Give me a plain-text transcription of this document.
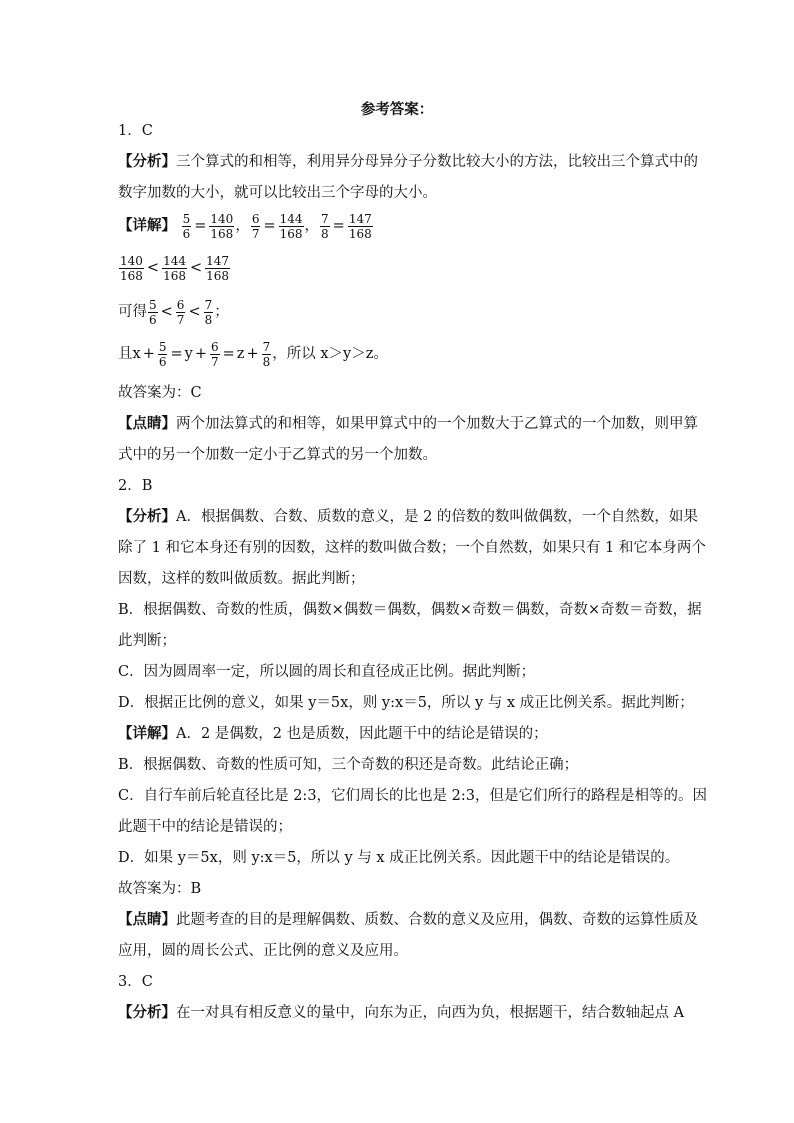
参考答案：
1．C
【分析】三个算式的和相等，利用异分母异分子分数比较大小的方法，比较出三个算式中的
数字加数的大小，就可以比较出三个字母的大小。
【详解】 $\frac{5}{6} = \frac{140}{168}$ ， $\frac{6}{7} = \frac{144}{168}$ ， $\frac{7}{8} = \frac{147}{168}$
$\frac{140}{168} < \frac{144}{168} < \frac{147}{168}$
可得 $\frac{5}{6} < \frac{6}{7} < \frac{7}{8}$ ；
且$x + \frac{5}{6} = y + \frac{6}{7} = z + \frac{7}{8}$ ，所以 x＞y＞z。
故答案为：C
【点睛】两个加法算式的和相等，如果甲算式中的一个加数大于乙算式的一个加数，则甲算
式中的另一个加数一定小于乙算式的另一个加数。
2．B
【分析】A．根据偶数、合数、质数的意义，是 2 的倍数的数叫做偶数，一个自然数，如果
除了 1 和它本身还有别的因数，这样的数叫做合数；一个自然数，如果只有 1 和它本身两个
因数，这样的数叫做质数。据此判断；
B．根据偶数、奇数的性质，偶数×偶数＝偶数，偶数×奇数＝偶数，奇数×奇数＝奇数，据
此判断；
C．因为圆周率一定，所以圆的周长和直径成正比例。据此判断；
D．根据正比例的意义，如果 y＝5x，则 y:x＝5，所以 y 与 x 成正比例关系。据此判断；
【详解】A．2 是偶数，2 也是质数，因此题干中的结论是错误的；
B．根据偶数、奇数的性质可知，三个奇数的积还是奇数。此结论正确；
C．自行车前后轮直径比是 2:3，它们周长的比也是 2:3，但是它们所行的路程是相等的。因
此题干中的结论是错误的；
D．如果 y＝5x，则 y:x＝5，所以 y 与 x 成正比例关系。因此题干中的结论是错误的。
故答案为：B
【点睛】此题考查的目的是理解偶数、质数、合数的意义及应用，偶数、奇数的运算性质及
应用，圆的周长公式、正比例的意义及应用。
3．C
【分析】在一对具有相反意义的量中，向东为正，向西为负，根据题干，结合数轴起点 A
